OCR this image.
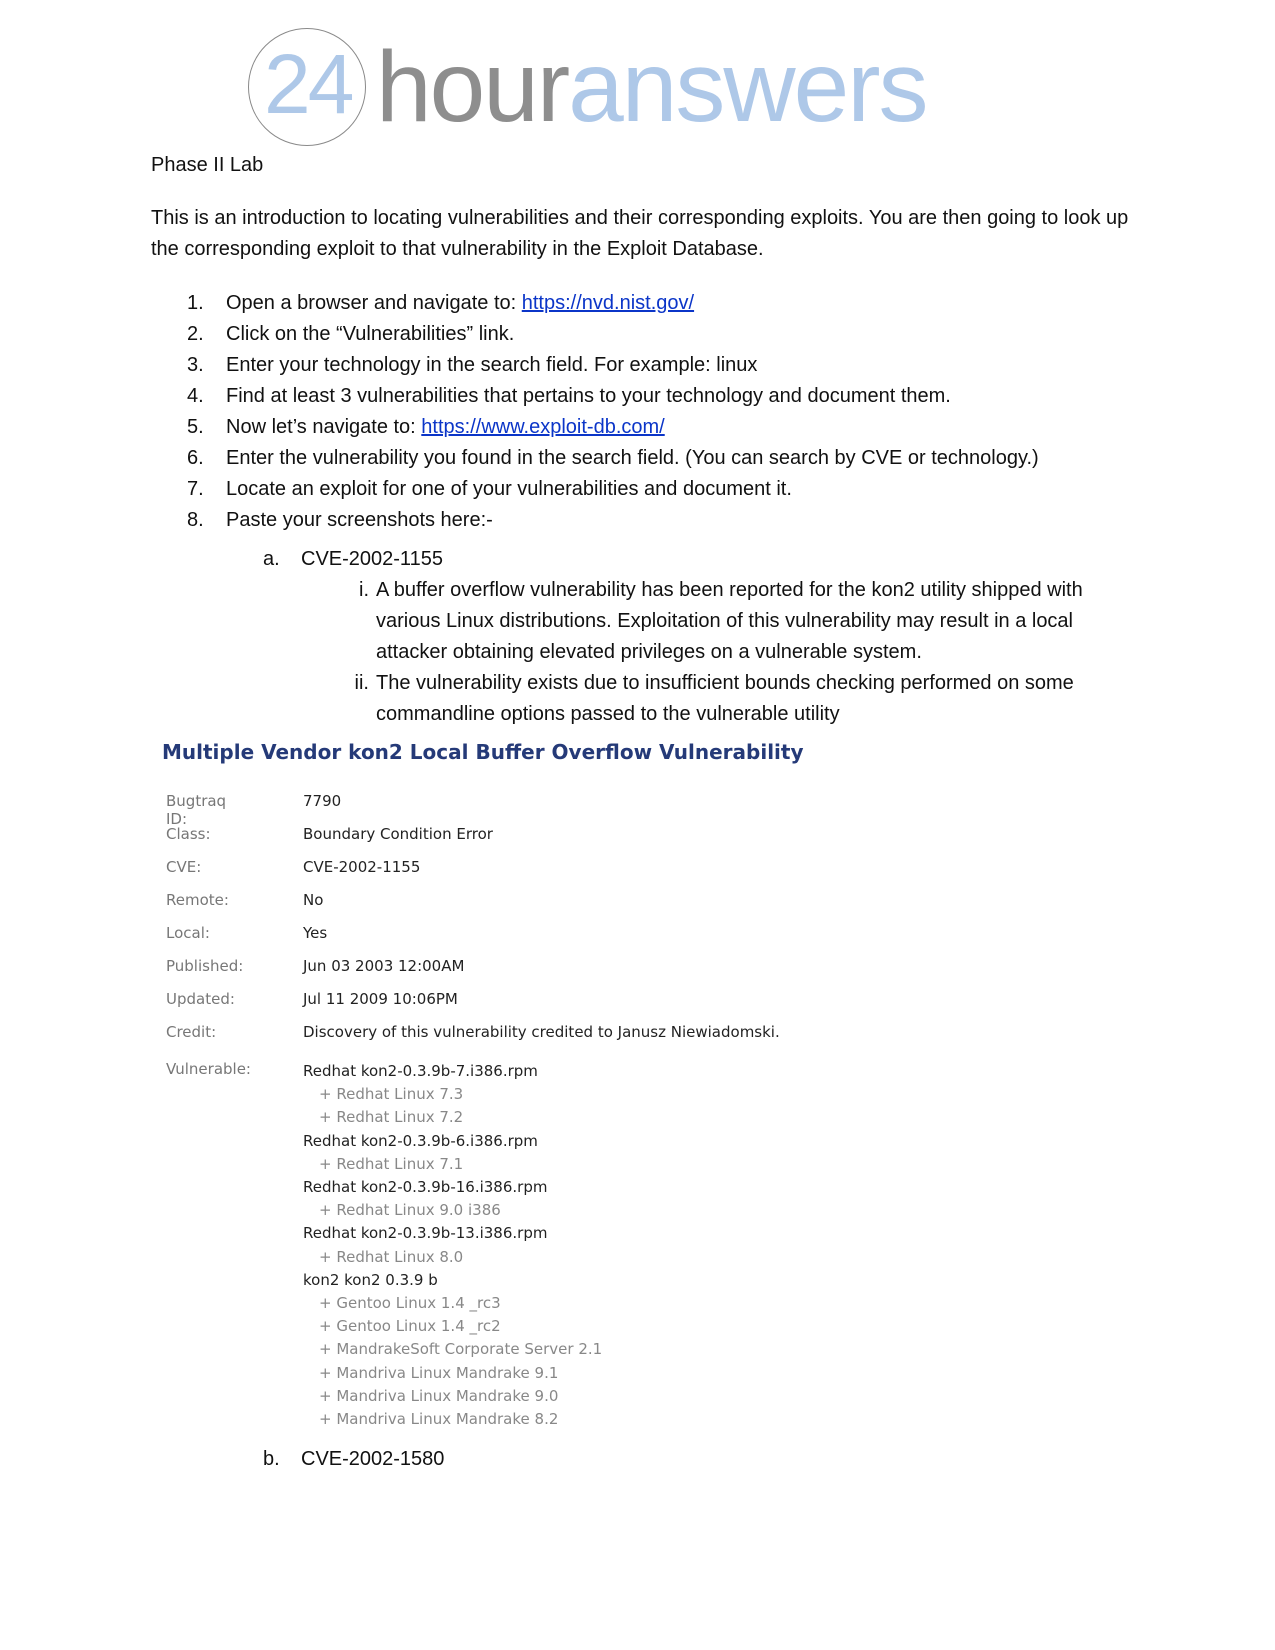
24 houranswers
Phase II Lab
This is an introduction to locating vulnerabilities and their corresponding exploits. You are then going to look up the corresponding exploit to that vulnerability in the Exploit Database.
1. Open a browser and navigate to: https://nvd.nist.gov/
2. Click on the “Vulnerabilities” link.
3. Enter your technology in the search field. For example: linux
4. Find at least 3 vulnerabilities that pertains to your technology and document them.
5. Now let’s navigate to: https://www.exploit-db.com/
6. Enter the vulnerability you found in the search field. (You can search by CVE or technology.)
7. Locate an exploit for one of your vulnerabilities and document it.
8. Paste your screenshots here:-
a. CVE-2002-1155
i. A buffer overflow vulnerability has been reported for the kon2 utility shipped with various Linux distributions. Exploitation of this vulnerability may result in a local attacker obtaining elevated privileges on a vulnerable system.
ii. The vulnerability exists due to insufficient bounds checking performed on some commandline options passed to the vulnerable utility
Multiple Vendor kon2 Local Buffer Overflow Vulnerability
Bugtraq ID:
7790
Class:	Boundary Condition Error
CVE:	CVE-2002-1155
Remote:	No
Local:	Yes
Published:	Jun 03 2003 12:00AM
Updated:	Jul 11 2009 10:06PM
Credit:	Discovery of this vulnerability credited to Janusz Niewiadomski.
Vulnerable:	Redhat kon2-0.3.9b-7.i386.rpm
+ Redhat Linux 7.3
+ Redhat Linux 7.2
Redhat kon2-0.3.9b-6.i386.rpm
+ Redhat Linux 7.1
Redhat kon2-0.3.9b-16.i386.rpm
+ Redhat Linux 9.0 i386
Redhat kon2-0.3.9b-13.i386.rpm
+ Redhat Linux 8.0
kon2 kon2 0.3.9 b
+ Gentoo Linux 1.4 _rc3
+ Gentoo Linux 1.4 _rc2
+ MandrakeSoft Corporate Server 2.1
+ Mandriva Linux Mandrake 9.1
+ Mandriva Linux Mandrake 9.0
+ Mandriva Linux Mandrake 8.2
b. CVE-2002-1580
